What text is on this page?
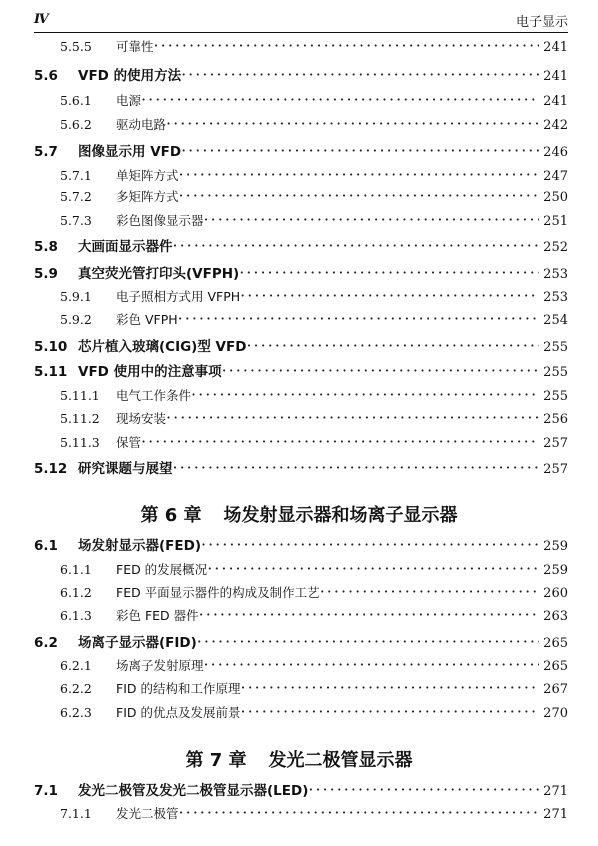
Ⅳ	电子显示
5.5.5 可靠性 ·····	241
5.6 VFD 的使用方法 ·····	241
5.6.1 电源 ·····	241
5.6.2 驱动电路 ·····	242
5.7 图像显示用 VFD ·····	246
5.7.1 单矩阵方式 ·····	247
5.7.2 多矩阵方式 ·····	250
5.7.3 彩色图像显示器 ·····	251
5.8 大画面显示器件 ·····	252
5.9 真空荧光管打印头(VFPH) ·····	253
5.9.1 电子照相方式用 VFPH ·····	253
5.9.2 彩色 VFPH ·····	254
5.10 芯片植入玻璃(CIG)型 VFD ·····	255
5.11 VFD 使用中的注意事项 ·····	255
5.11.1 电气工作条件 ·····	255
5.11.2 现场安装 ·····	256
5.11.3 保管 ·····	257
5.12 研究课题与展望 ·····	257
6.1 场发射显示器(FED) ·····	259
6.1.1 FED 的发展概况 ·····	259
6.1.2 FED 平面显示器件的构成及制作工艺 ·····	260
6.1.3 彩色 FED 器件 ·····	263
6.2 场离子显示器(FID) ·····	265
6.2.1 场离子发射原理 ·····	265
6.2.2 FID 的结构和工作原理 ·····	267
6.2.3 FID 的优点及发展前景 ·····	270
7.1 发光二极管及发光二极管显示器(LED) ·····	271
7.1.1 发光二极管 ·····	271
第 6 章 场发射显示器和场离子显示器
第 7 章 发光二极管显示器
